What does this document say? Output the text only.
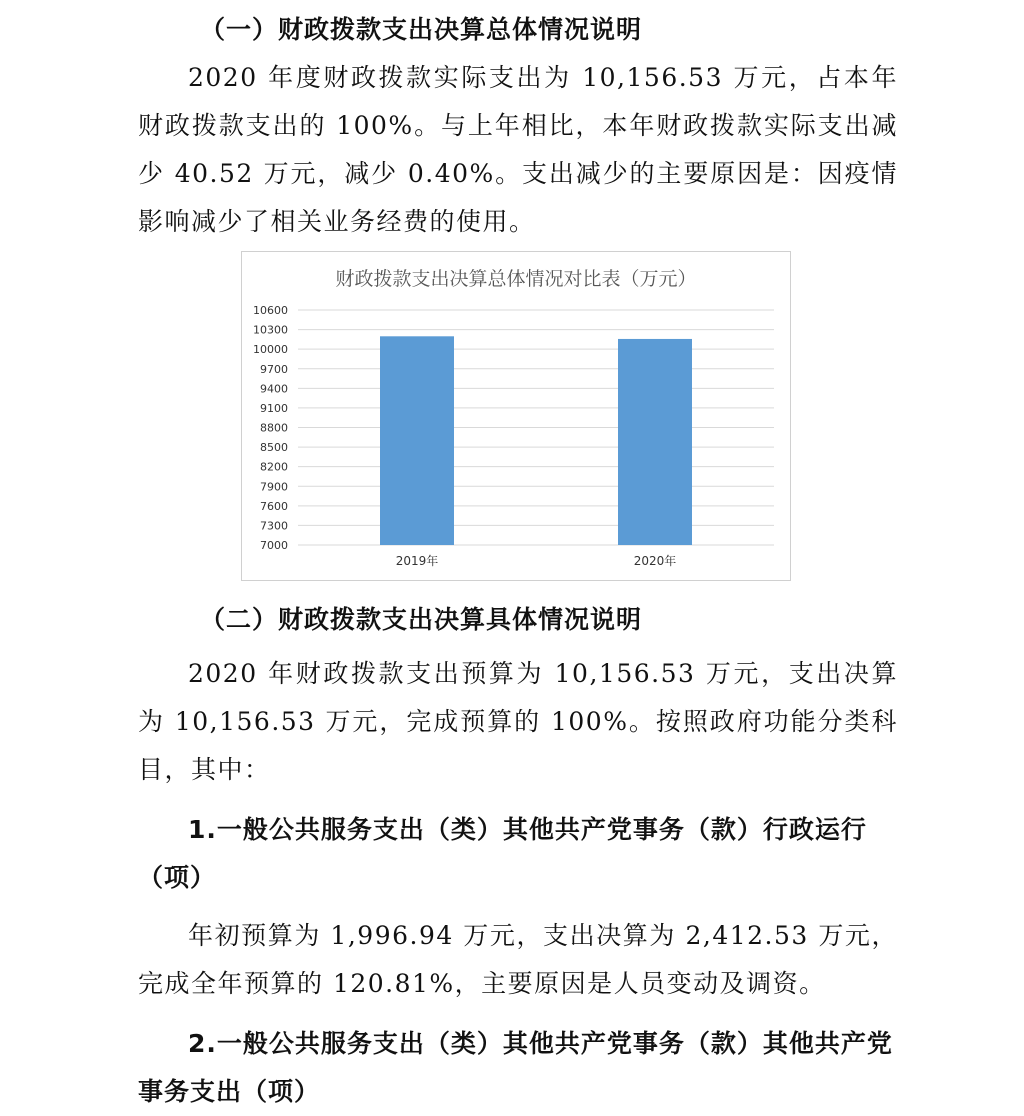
（一）财政拨款支出决算总体情况说明

2020 年度财政拨款实际支出为 10,156.53 万元，占本年财政拨款支出的 100%。与上年相比，本年财政拨款实际支出减少 40.52 万元，减少 0.40%。支出减少的主要原因是：因疫情影响减少了相关业务经费的使用。

财政拨款支出决算总体情况对比表（万元）
7000
7300
7600
7900
8200
8500
8800
9100
9400
9700
10000
10300
10600
2019年	2020年

（二）财政拨款支出决算具体情况说明

2020 年财政拨款支出预算为 10,156.53 万元，支出决算为 10,156.53 万元，完成预算的 100%。按照政府功能分类科目，其中：

1.一般公共服务支出（类）其他共产党事务（款）行政运行（项）

年初预算为 1,996.94 万元，支出决算为 2,412.53 万元，完成全年预算的 120.81%，主要原因是人员变动及调资。

2.一般公共服务支出（类）其他共产党事务（款）其他共产党事务支出（项）
